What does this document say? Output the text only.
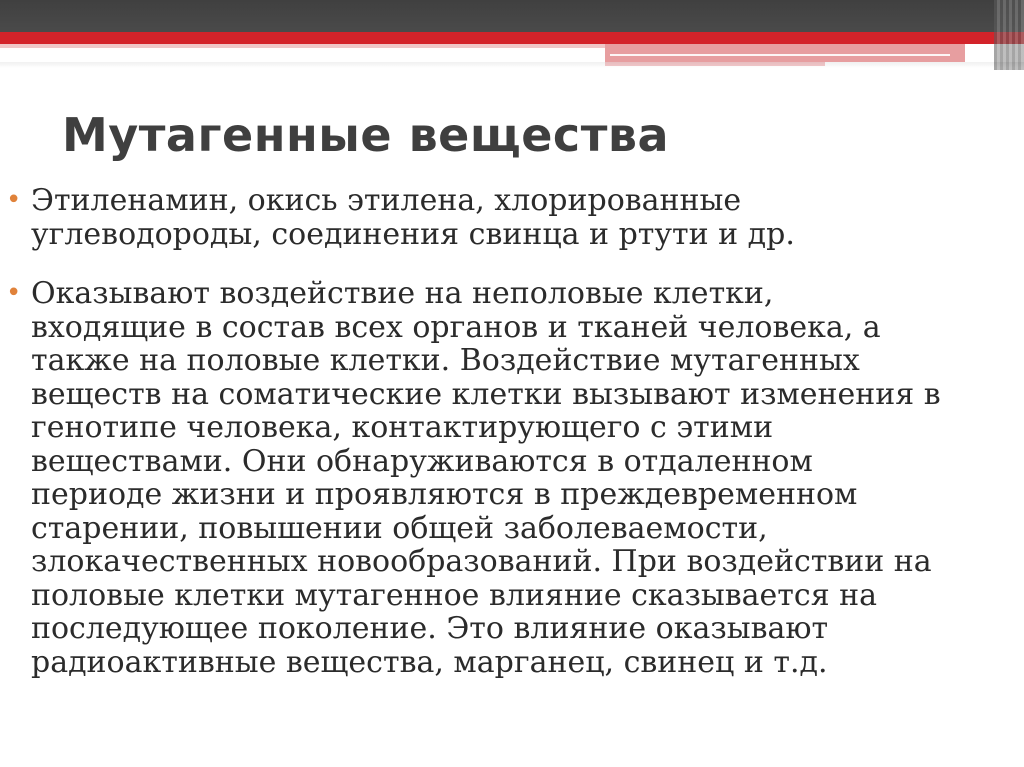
Мутагенные вещества
• Этиленамин, окись этилена, хлорированные
углеводороды, соединения свинца и ртути и др.
• Оказывают воздействие на неполовые клетки,
входящие в состав всех органов и тканей человека, а
также на половые клетки. Воздействие мутагенных
веществ на соматические клетки вызывают изменения в
генотипе человека, контактирующего с этими
веществами. Они обнаруживаются в отдаленном
периоде жизни и проявляются в преждевременном
старении, повышении общей заболеваемости,
злокачественных новообразований. При воздействии на
половые клетки мутагенное влияние сказывается на
последующее поколение. Это влияние оказывают
радиоактивные вещества, марганец, свинец и т.д.
